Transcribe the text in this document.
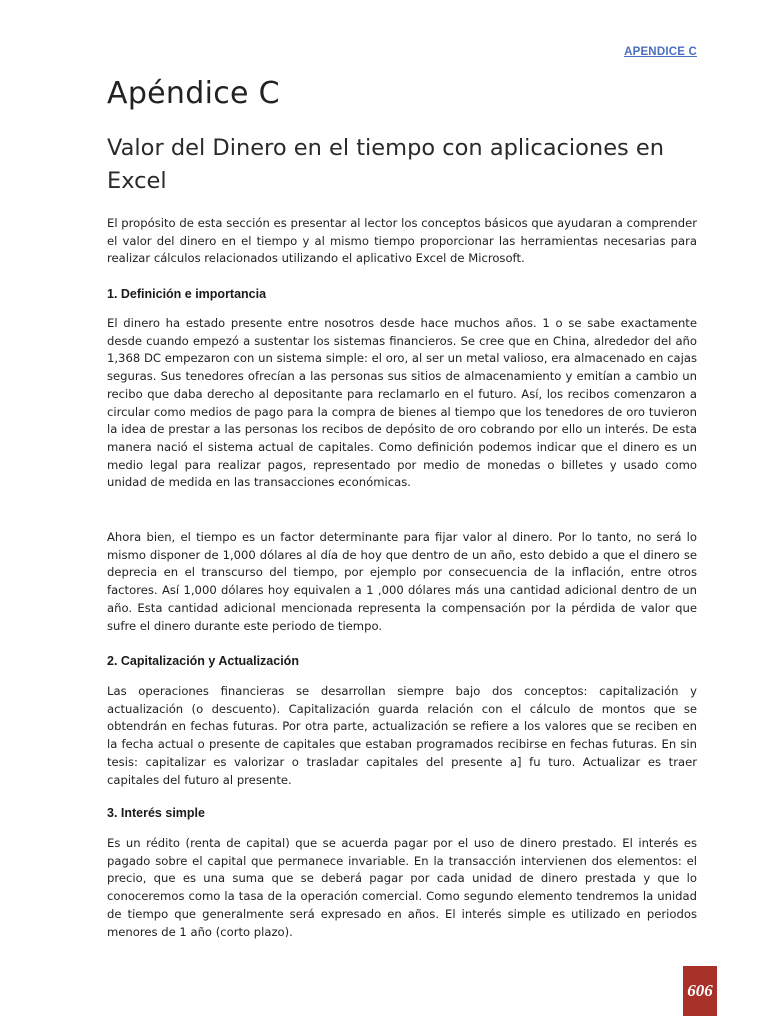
APENDICE C
Apéndice C
Valor del Dinero en el tiempo con aplicaciones en Excel

El propósito de esta sección es presentar al lector los conceptos básicos que ayudaran a comprender el valor del dinero en el tiempo y al mismo tiempo proporcionar las herramientas necesarias para realizar cálculos relacionados utilizando el aplicativo Excel de Microsoft.

1. Definición e importancia

El dinero ha estado presente entre nosotros desde hace muchos años. 1 o se sabe exactamente desde cuando empezó a sustentar los sistemas financieros. Se cree que en China, alrededor del año 1,368 DC empezaron con un sistema simple: el oro, al ser un metal valioso, era almacenado en cajas seguras. Sus tenedores ofrecían a las personas sus sitios de almacenamiento y emitían a cambio un recibo que daba derecho al depositante para reclamarlo en el futuro. Así, los recibos comenzaron a circular como medios de pago para la compra de bienes al tiempo que los tenedores de oro tuvieron la idea de prestar a las personas los recibos de depósito de oro cobrando por ello un interés. De esta manera nació el sistema actual de capitales. Como definición podemos indicar que el dinero es un medio legal para realizar pagos, representado por medio de monedas o billetes y usado como unidad de medida en las transacciones económicas.

Ahora bien, el tiempo es un factor determinante para fijar valor al dinero. Por lo tanto, no será lo mismo disponer de 1,000 dólares al día de hoy que dentro de un año, esto debido a que el dinero se deprecia en el transcurso del tiempo, por ejemplo por consecuencia de la inflación, entre otros factores. Así 1,000 dólares hoy equivalen a 1 ,000 dólares más una cantidad adicional dentro de un año. Esta cantidad adicional mencionada representa la compensación por la pérdida de valor que sufre el dinero durante este periodo de tiempo.

2. Capitalización y Actualización

Las operaciones financieras se desarrollan siempre bajo dos conceptos: capitalización y actualización (o descuento). Capitalización guarda relación con el cálculo de montos que se obtendrán en fechas futuras. Por otra parte, actualización se refiere a los valores que se reciben en la fecha actual o presente de capitales que estaban programados recibirse en fechas futuras. En sin tesis: capitalizar es valorizar o trasladar capitales del presente a] fu turo. Actualizar es traer capitales del futuro al presente.

3. Interés simple

Es un rédito (renta de capital) que se acuerda pagar por el uso de dinero prestado. El interés es pagado sobre el capital que permanece invariable. En la transacción intervienen dos elementos: el precio, que es una suma que se deberá pagar por cada unidad de dinero prestada y que lo conoceremos como la tasa de la operación comercial. Como segundo elemento tendremos la unidad de tiempo que generalmente será expresado en años. El interés simple es utilizado en periodos menores de 1 año (corto plazo).

606
